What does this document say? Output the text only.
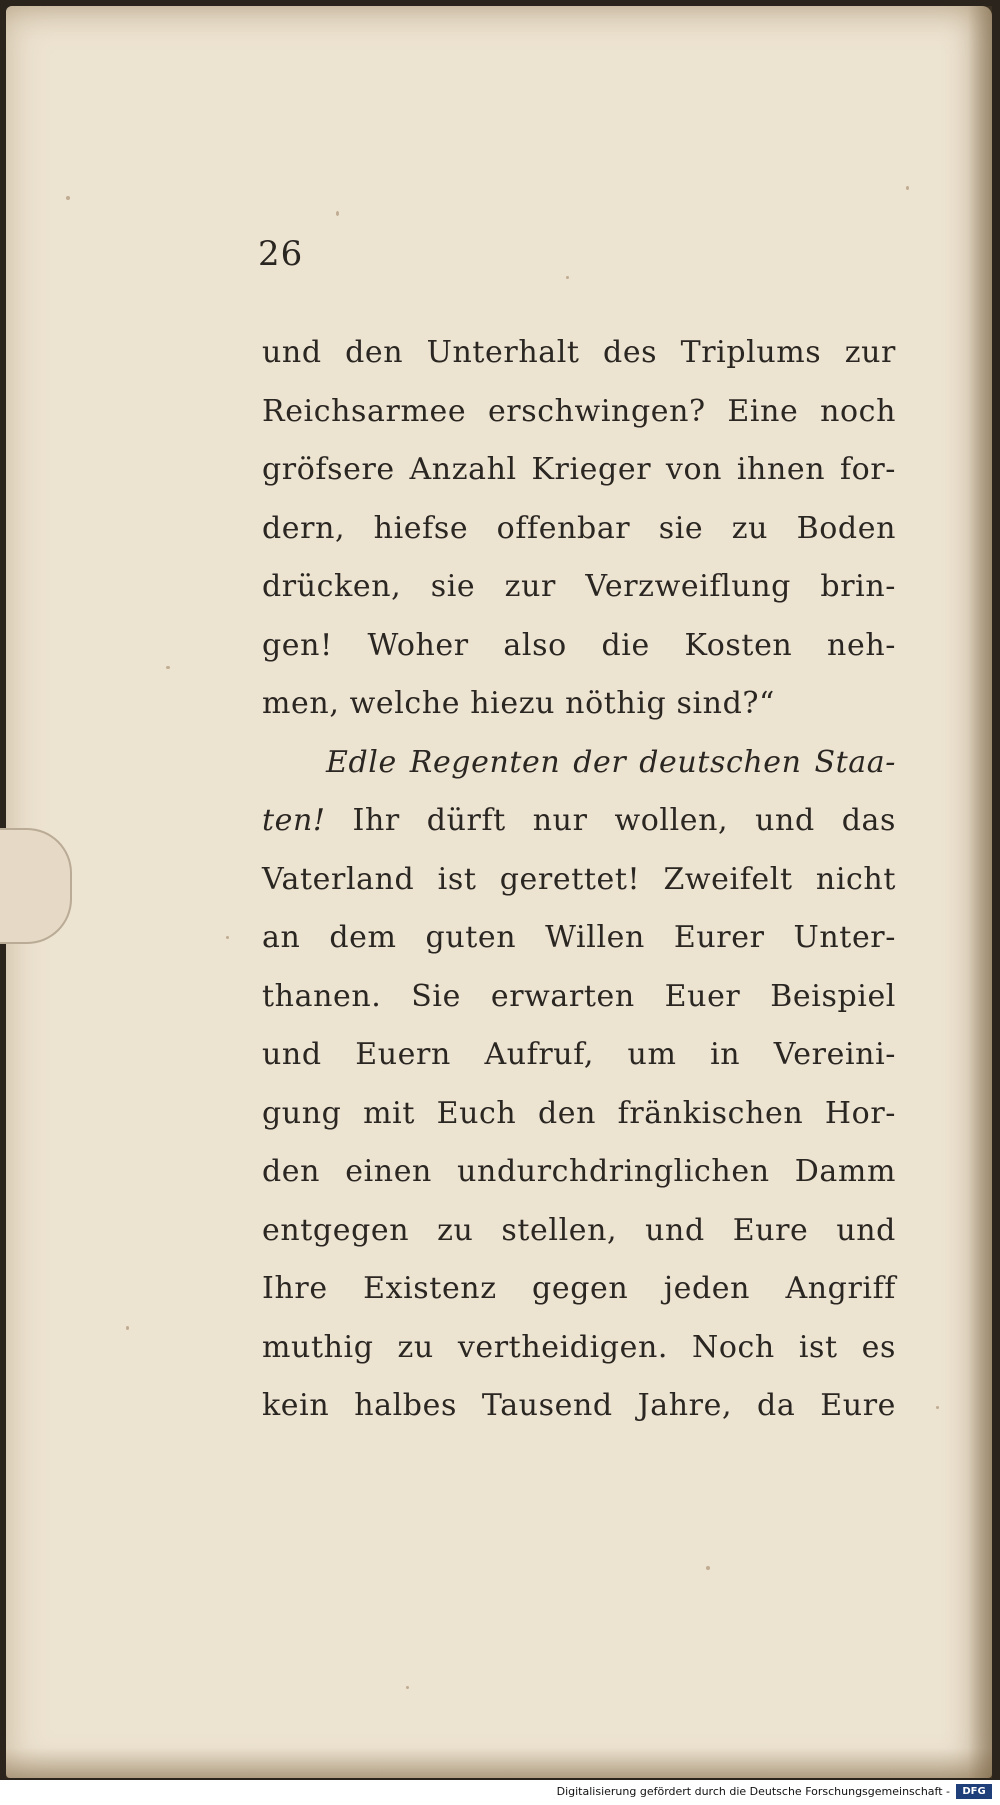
26
und den Unterhalt des Triplums zur
Reichsarmee erschwingen? Eine noch
gröfsere Anzahl Krieger von ihnen for-
dern, hiefse offenbar sie zu Boden
drücken, sie zur Verzweiflung brin-
gen! Woher also die Kosten neh-
men, welche hiezu nöthig sind?“
Edle Regenten der deutschen Staa-
ten! Ihr dürft nur wollen, und das
Vaterland ist gerettet! Zweifelt nicht
an dem guten Willen Eurer Unter-
thanen. Sie erwarten Euer Beispiel
und Euern Aufruf, um in Vereini-
gung mit Euch den fränkischen Hor-
den einen undurchdringlichen Damm
entgegen zu stellen, und Eure und
Ihre Existenz gegen jeden Angriff
muthig zu vertheidigen. Noch ist es
kein halbes Tausend Jahre, da Eure
Digitalisierung gefördert durch die Deutsche Forschungsgemeinschaft -	DFG
